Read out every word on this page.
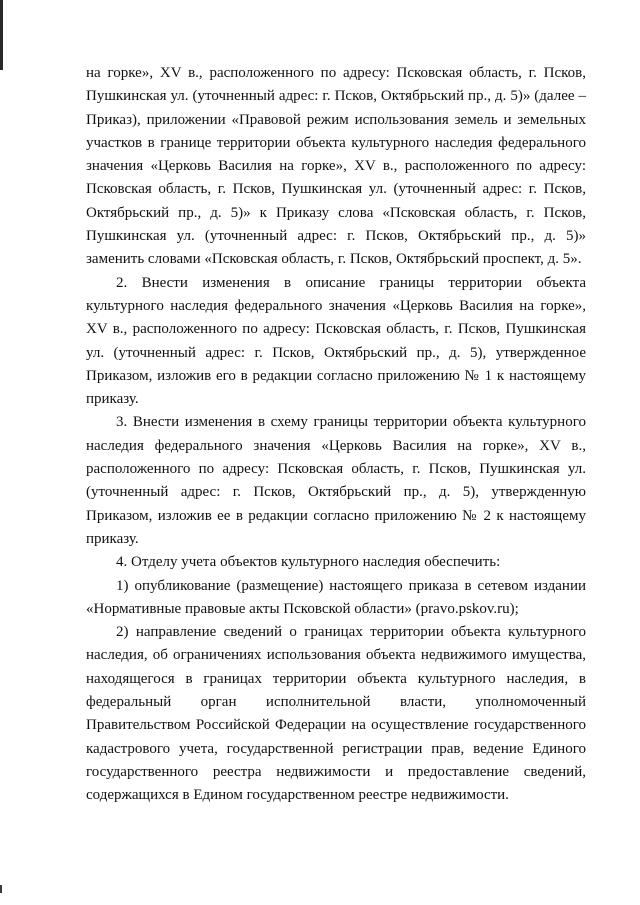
на горке», XV в., расположенного по адресу: Псковская область, г. Псков, Пушкинская ул. (уточненный адрес: г. Псков, Октябрьский пр., д. 5)» (далее – Приказ), приложении «Правовой режим использования земель и земельных участков в границе территории объекта культурного наследия федерального значения «Церковь Василия на горке», XV в., расположенного по адресу: Псковская область, г. Псков, Пушкинская ул. (уточненный адрес: г. Псков, Октябрьский пр., д. 5)» к Приказу слова «Псковская область, г. Псков, Пушкинская ул. (уточненный адрес: г. Псков, Октябрьский пр., д. 5)» заменить словами «Псковская область, г. Псков, Октябрьский проспект, д. 5».

2. Внести изменения в описание границы территории объекта культурного наследия федерального значения «Церковь Василия на горке», XV в., расположенного по адресу: Псковская область, г. Псков, Пушкинская ул. (уточненный адрес: г. Псков, Октябрьский пр., д. 5), утвержденное Приказом, изложив его в редакции согласно приложению № 1 к настоящему приказу.

3. Внести изменения в схему границы территории объекта культурного наследия федерального значения «Церковь Василия на горке», XV в., расположенного по адресу: Псковская область, г. Псков, Пушкинская ул. (уточненный адрес: г. Псков, Октябрьский пр., д. 5), утвержденную Приказом, изложив ее в редакции согласно приложению № 2 к настоящему приказу.

4. Отделу учета объектов культурного наследия обеспечить:

1) опубликование (размещение) настоящего приказа в сетевом издании «Нормативные правовые акты Псковской области» (pravo.pskov.ru);

2) направление сведений о границах территории объекта культурного наследия, об ограничениях использования объекта недвижимого имущества, находящегося в границах территории объекта культурного наследия, в федеральный орган исполнительной власти, уполномоченный Правительством Российской Федерации на осуществление государственного кадастрового учета, государственной регистрации прав, ведение Единого государственного реестра недвижимости и предоставление сведений, содержащихся в Едином государственном реестре недвижимости.
